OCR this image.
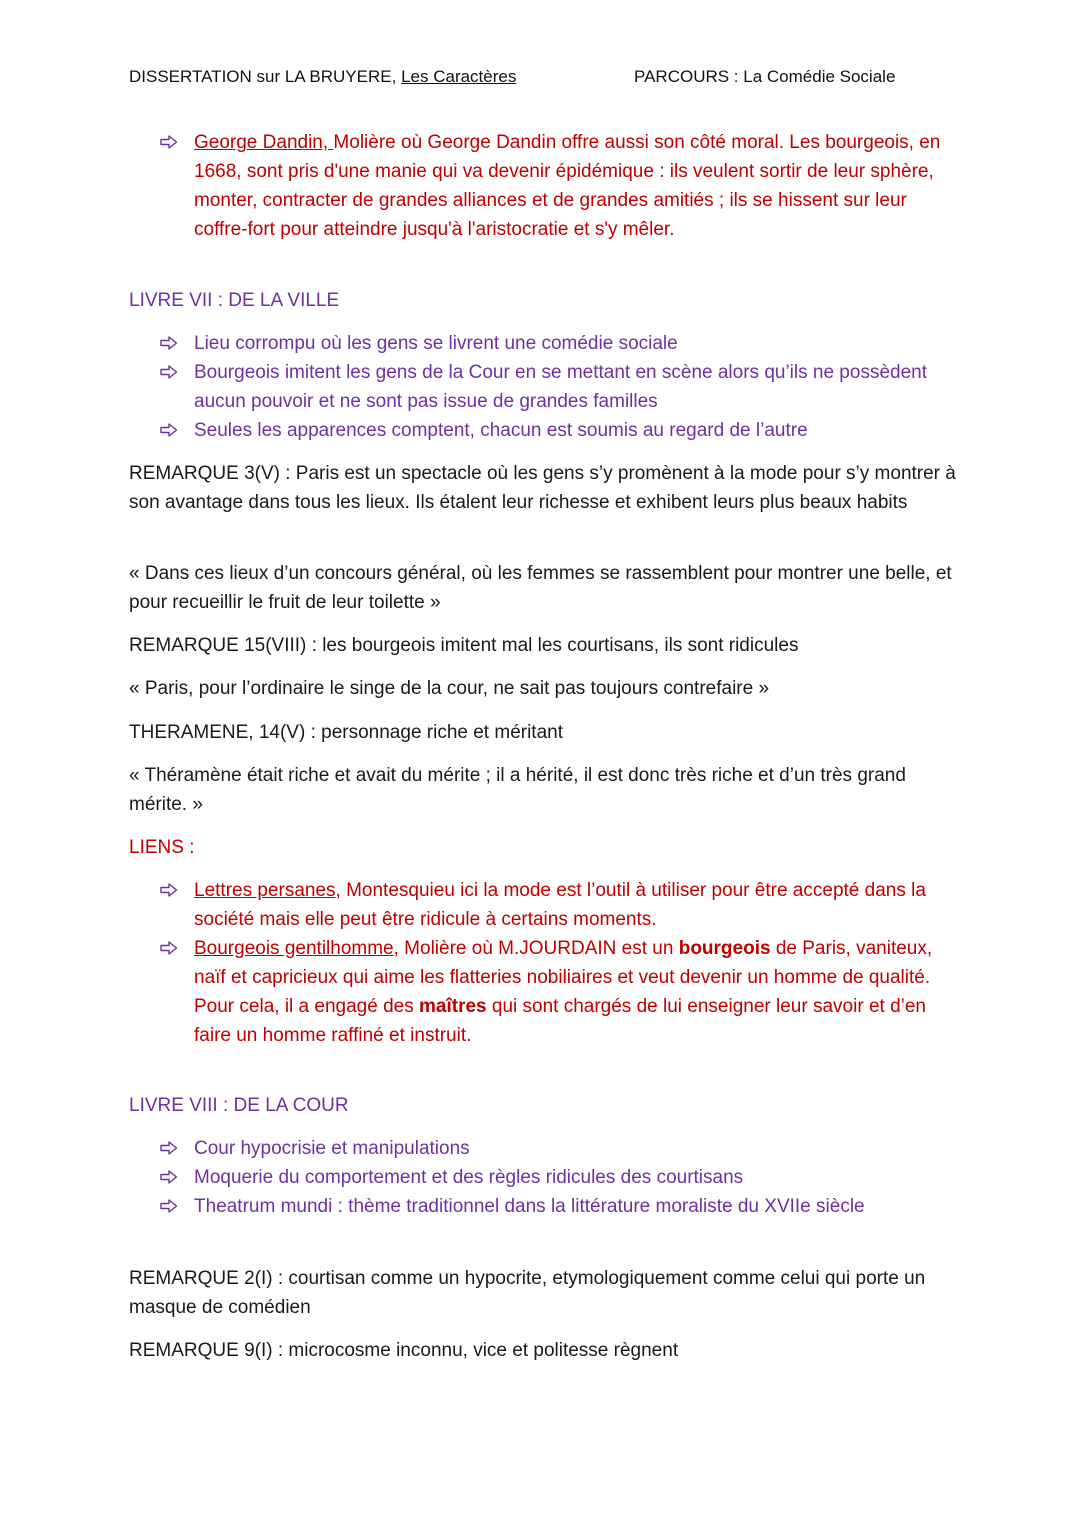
DISSERTATION sur LA BRUYERE, Les Caractères	PARCOURS : La Comédie Sociale
George Dandin, Molière où George Dandin offre aussi son côté moral. Les bourgeois, en 1668, sont pris d'une manie qui va devenir épidémique : ils veulent sortir de leur sphère, monter, contracter de grandes alliances et de grandes amitiés ; ils se hissent sur leur coffre-fort pour atteindre jusqu'à l'aristocratie et s'y mêler.
LIVRE VII : DE LA VILLE
Lieu corrompu où les gens se livrent une comédie sociale
Bourgeois imitent les gens de la Cour en se mettant en scène alors qu’ils ne possèdent aucun pouvoir et ne sont pas issue de grandes familles
Seules les apparences comptent, chacun est soumis au regard de l’autre
REMARQUE 3(V) : Paris est un spectacle où les gens s’y promènent à la mode pour s’y montrer à son avantage dans tous les lieux. Ils étalent leur richesse et exhibent leurs plus beaux habits
« Dans ces lieux d’un concours général, où les femmes se rassemblent pour montrer une belle, et pour recueillir le fruit de leur toilette »
REMARQUE 15(VIII) : les bourgeois imitent mal les courtisans, ils sont ridicules
« Paris, pour l’ordinaire le singe de la cour, ne sait pas toujours contrefaire »
THERAMENE, 14(V) : personnage riche et méritant
« Théramène était riche et avait du mérite ; il a hérité, il est donc très riche et d’un très grand mérite. »
LIENS :
Lettres persanes, Montesquieu ici la mode est l’outil à utiliser pour être accepté dans la société mais elle peut être ridicule à certains moments.
Bourgeois gentilhomme, Molière où M.JOURDAIN est un bourgeois de Paris, vaniteux, naïf et capricieux qui aime les flatteries nobiliaires et veut devenir un homme de qualité. Pour cela, il a engagé des maîtres qui sont chargés de lui enseigner leur savoir et d’en faire un homme raffiné et instruit.
LIVRE VIII : DE LA COUR
Cour hypocrisie et manipulations
Moquerie du comportement et des règles ridicules des courtisans
Theatrum mundi : thème traditionnel dans la littérature moraliste du XVIIe siècle
REMARQUE 2(I) : courtisan comme un hypocrite, etymologiquement comme celui qui porte un masque de comédien
REMARQUE 9(I) : microcosme inconnu, vice et politesse règnent
